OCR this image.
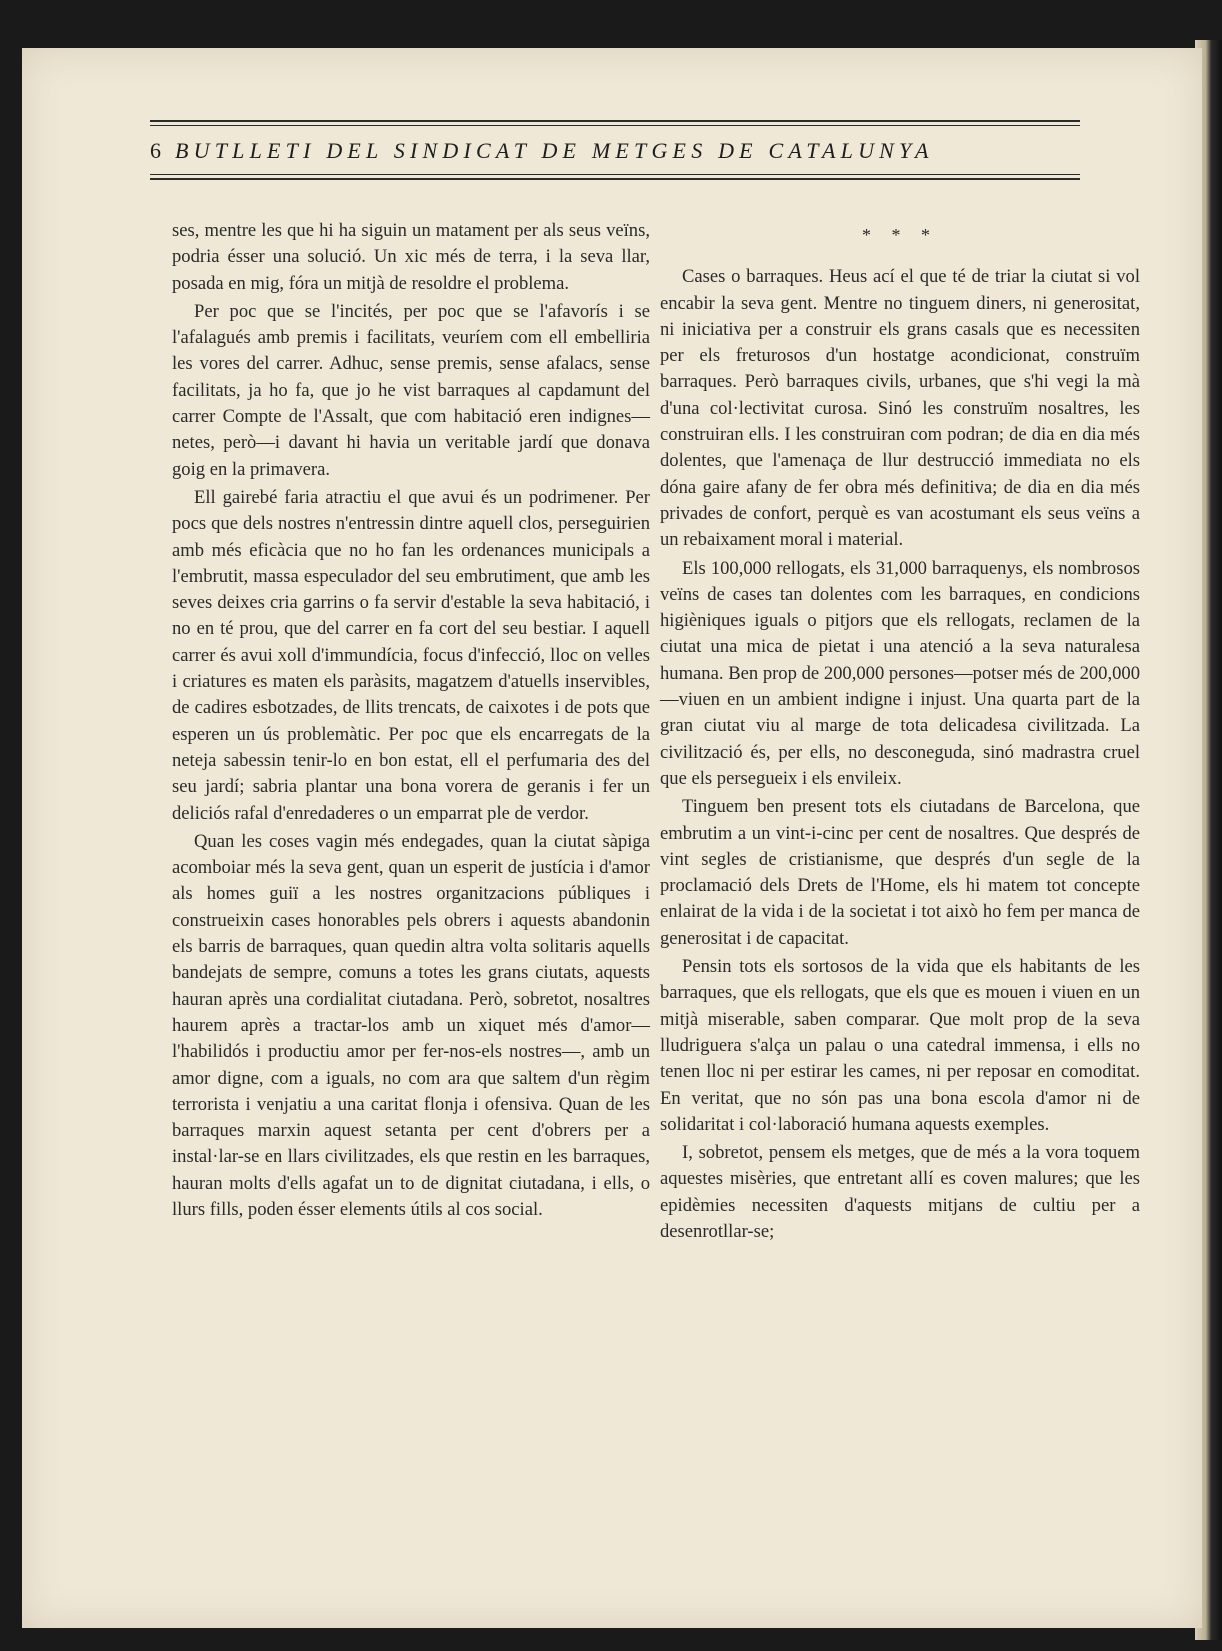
6 BUTLLETI DEL SINDICAT DE METGES DE CATALUNYA

ses, mentre les que hi ha siguin un matament per als seus veïns, podria ésser una solució. Un xic més de terra, i la seva llar, posada en mig, fóra un mitjà de resoldre el problema.

Per poc que se l'incités, per poc que se l'afavorís i se l'afalagués amb premis i facilitats, veuríem com ell embelliria les vores del carrer. Adhuc, sense premis, sense afalacs, sense facilitats, ja ho fa, que jo he vist barraques al capdamunt del carrer Compte de l'Assalt, que com habitació eren indignes—netes, però—i davant hi havia un veritable jardí que donava goig en la primavera.

Ell gairebé faria atractiu el que avui és un podrimener. Per pocs que dels nostres n'entressin dintre aquell clos, perseguirien amb més eficàcia que no ho fan les ordenances municipals a l'embrutit, massa especulador del seu embrutiment, que amb les seves deixes cria garrins o fa servir d'estable la seva habitació, i no en té prou, que del carrer en fa cort del seu bestiar. I aquell carrer és avui xoll d'immundícia, focus d'infecció, lloc on velles i criatures es maten els paràsits, magatzem d'atuells inservibles, de cadires esbotzades, de llits trencats, de caixotes i de pots que esperen un ús problemàtic. Per poc que els encarregats de la neteja sabessin tenir-lo en bon estat, ell el perfumaria des del seu jardí; sabria plantar una bona vorera de geranis i fer un deliciós rafal d'enredaderes o un emparrat ple de verdor.

Quan les coses vagin més endegades, quan la ciutat sàpiga acomboiar més la seva gent, quan un esperit de justícia i d'amor als homes guiï a les nostres organitzacions públiques i construeixin cases honorables pels obrers i aquests abandonin els barris de barraques, quan quedin altra volta solitaris aquells bandejats de sempre, comuns a totes les grans ciutats, aquests hauran après una cordialitat ciutadana. Però, sobretot, nosaltres haurem après a tractar-los amb un xiquet més d'amor—l'habilidós i productiu amor per fer-nos-els nostres—, amb un amor digne, com a iguals, no com ara que saltem d'un règim terrorista i venjatiu a una caritat flonja i ofensiva. Quan de les barraques marxin aquest setanta per cent d'obrers per a instal·lar-se en llars civilitzades, els que restin en les barraques, hauran molts d'ells agafat un to de dignitat ciutadana, i ells, o llurs fills, poden ésser elements útils al cos social.

* * *

Cases o barraques. Heus ací el que té de triar la ciutat si vol encabir la seva gent. Mentre no tinguem diners, ni generositat, ni iniciativa per a construir els grans casals que es necessiten per els freturosos d'un hostatge acondicionat, construïm barraques. Però barraques civils, urbanes, que s'hi vegi la mà d'una col·lectivitat curosa. Sinó les construïm nosaltres, les construiran ells. I les construiran com podran; de dia en dia més dolentes, que l'amenaça de llur destrucció immediata no els dóna gaire afany de fer obra més definitiva; de dia en dia més privades de confort, perquè es van acostumant els seus veïns a un rebaixament moral i material.

Els 100,000 rellogats, els 31,000 barraquenys, els nombrosos veïns de cases tan dolentes com les barraques, en condicions higièniques iguals o pitjors que els rellogats, reclamen de la ciutat una mica de pietat i una atenció a la seva naturalesa humana. Ben prop de 200,000 persones—potser més de 200,000—viuen en un ambient indigne i injust. Una quarta part de la gran ciutat viu al marge de tota delicadesa civilitzada. La civilització és, per ells, no desconeguda, sinó madrastra cruel que els persegueix i els envileix.

Tinguem ben present tots els ciutadans de Barcelona, que embrutim a un vint-i-cinc per cent de nosaltres. Que després de vint segles de cristianisme, que després d'un segle de la proclamació dels Drets de l'Home, els hi matem tot concepte enlairat de la vida i de la societat i tot això ho fem per manca de generositat i de capacitat.

Pensin tots els sortosos de la vida que els habitants de les barraques, que els rellogats, que els que es mouen i viuen en un mitjà miserable, saben comparar. Que molt prop de la seva lludriguera s'alça un palau o una catedral immensa, i ells no tenen lloc ni per estirar les cames, ni per reposar en comoditat. En veritat, que no són pas una bona escola d'amor ni de solidaritat i col·laboració humana aquests exemples.

I, sobretot, pensem els metges, que de més a la vora toquem aquestes misèries, que entretant allí es coven malures; que les epidèmies necessiten d'aquests mitjans de cultiu per a desenrotllar-se;
